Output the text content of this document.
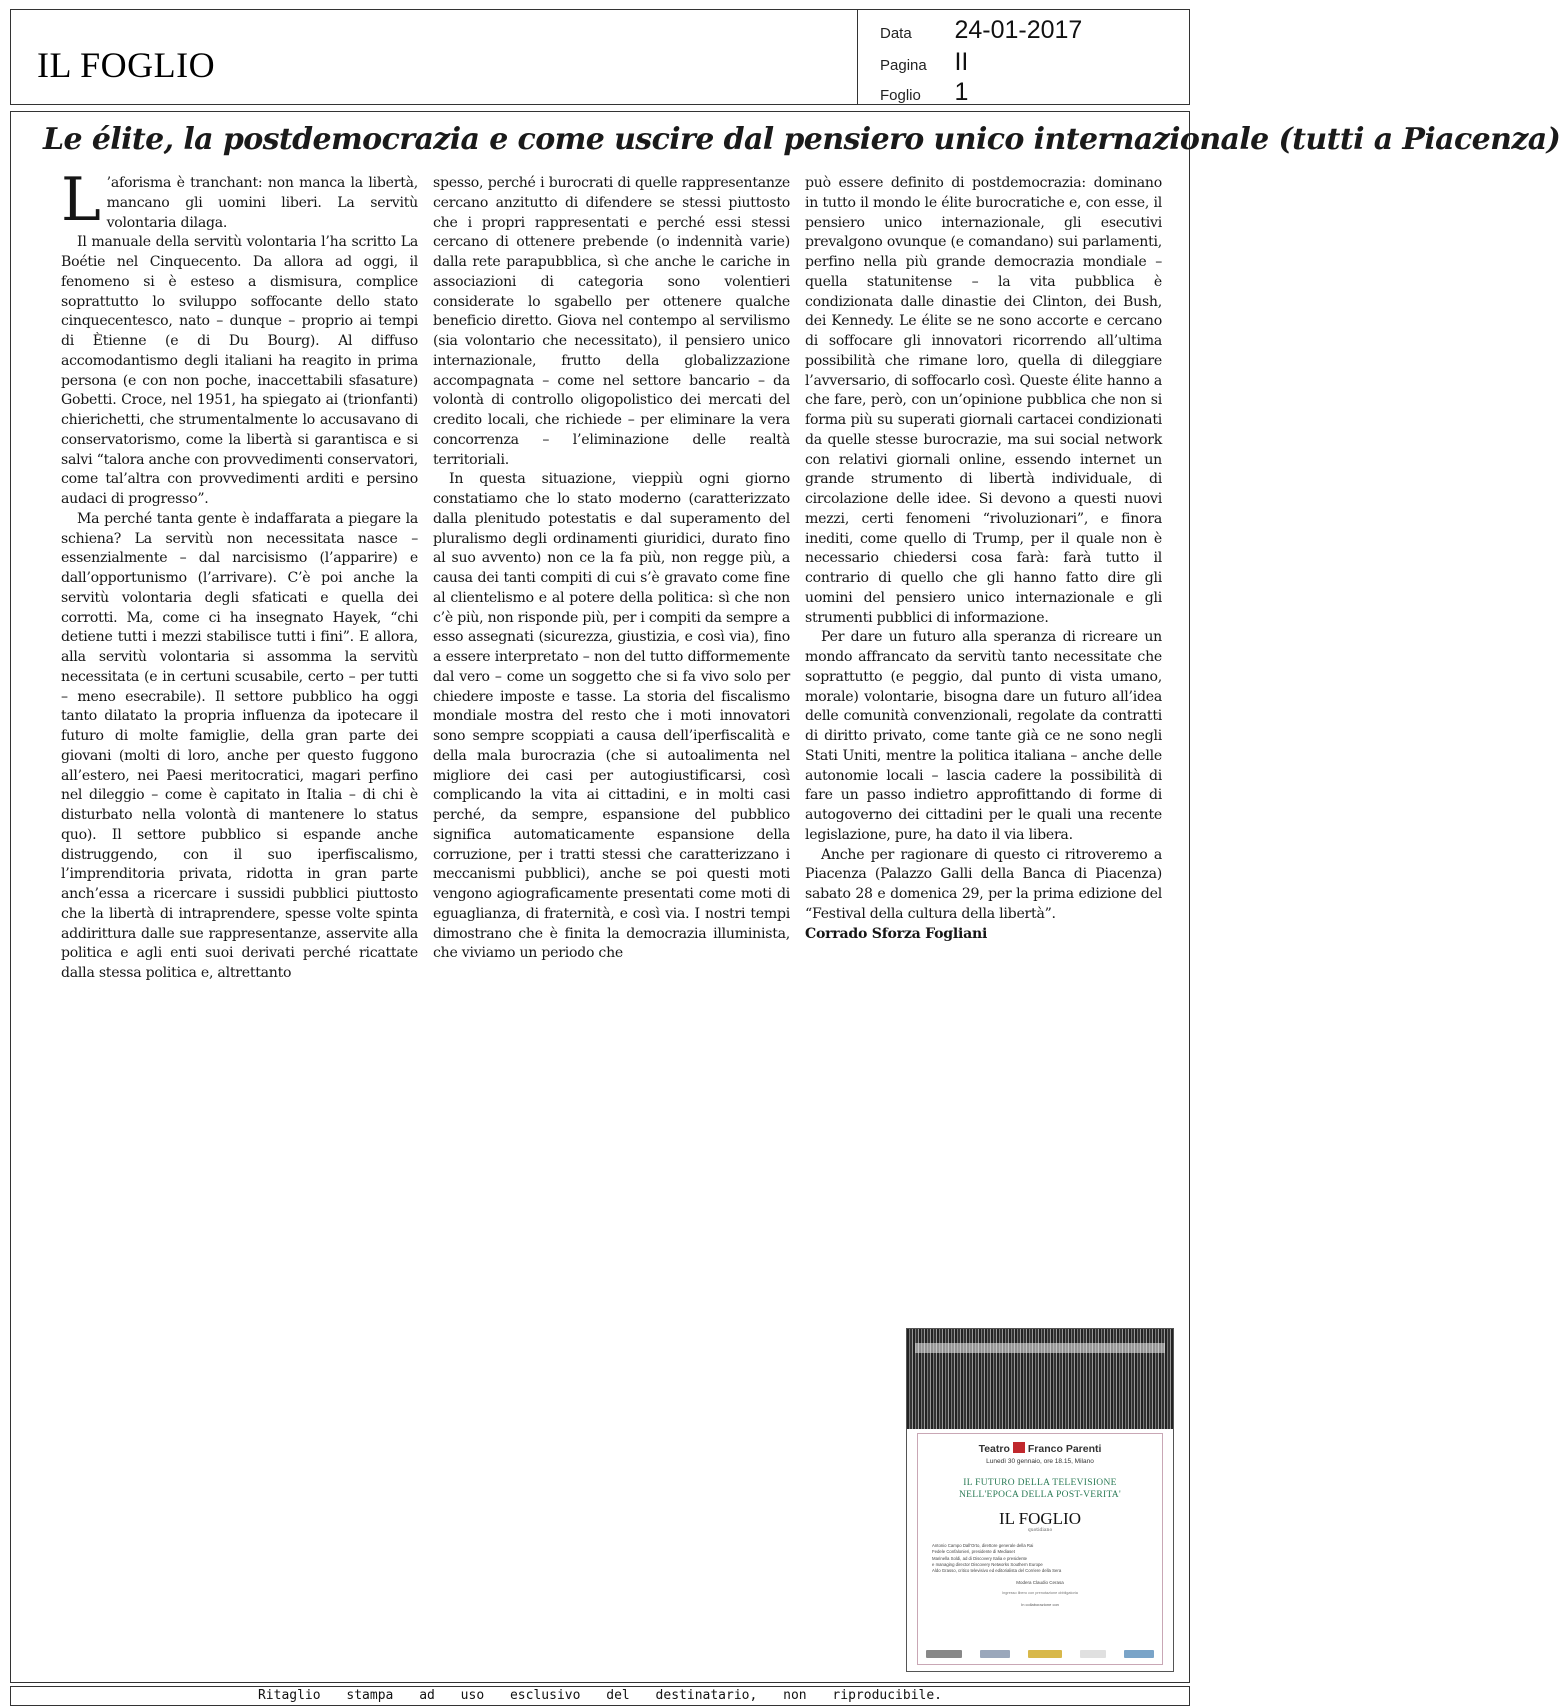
IL FOGLIO
Data 24-01-2017
Pagina II
Foglio 1
Le élite, la postdemocrazia e come uscire dal pensiero unico internazionale (tutti a Piacenza)

L ’aforisma è tranchant: non manca la libertà, mancano gli uomini liberi. La servitù volontaria dilaga.

Il manuale della servitù volontaria l’ha scritto La Boétie nel Cinquecento. Da allora ad oggi, il fenomeno si è esteso a dismisura, complice soprattutto lo sviluppo soffocante dello stato cinquecentesco, nato – dunque – proprio ai tempi di Ètienne (e di Du Bourg). Al diffuso accomodantismo degli italiani ha reagito in prima persona (e con non poche, inaccettabili sfasature) Gobetti. Croce, nel 1951, ha spiegato ai (trionfanti) chierichetti, che strumentalmente lo accusavano di conservatorismo, come la libertà si garantisca e si salvi “talora anche con provvedimenti conservatori, come tal’altra con provvedimenti arditi e persino audaci di progresso”.

Ma perché tanta gente è indaffarata a piegare la schiena? La servitù non necessitata nasce – essenzialmente – dal narcisismo (l’apparire) e dall’opportunismo (l’arrivare). C’è poi anche la servitù volontaria degli sfaticati e quella dei corrotti. Ma, come ci ha insegnato Hayek, “chi detiene tutti i mezzi stabilisce tutti i fini”. E allora, alla servitù volontaria si assomma la servitù necessitata (e in certuni scusabile, certo – per tutti – meno esecrabile). Il settore pubblico ha oggi tanto dilatato la propria influenza da ipotecare il futuro di molte famiglie, della gran parte dei giovani (molti di loro, anche per questo fuggono all’estero, nei Paesi meritocratici, magari perfino nel dileggio – come è capitato in Italia – di chi è disturbato nella volontà di mantenere lo status quo). Il settore pubblico si espande anche distruggendo, con il suo iperfiscalismo, l’imprenditoria privata, ridotta in gran parte anch’essa a ricercare i sussidi pubblici piuttosto che la libertà di intraprendere, spesse volte spinta addirittura dalle sue rappresentanze, asservite alla politica e agli enti suoi derivati perché ricattate dalla stessa politica e, altrettanto

spesso, perché i burocrati di quelle rappresentanze cercano anzitutto di difendere se stessi piuttosto che i propri rappresentati e perché essi stessi cercano di ottenere prebende (o indennità varie) dalla rete parapubblica, sì che anche le cariche in associazioni di categoria sono volentieri considerate lo sgabello per ottenere qualche beneficio diretto. Giova nel contempo al servilismo (sia volontario che necessitato), il pensiero unico internazionale, frutto della globalizzazione accompagnata – come nel settore bancario – da volontà di controllo oligopolistico dei mercati del credito locali, che richiede – per eliminare la vera concorrenza – l’eliminazione delle realtà territoriali.

In questa situazione, vieppiù ogni giorno constatiamo che lo stato moderno (caratterizzato dalla plenitudo potestatis e dal superamento del pluralismo degli ordinamenti giuridici, durato fino al suo avvento) non ce la fa più, non regge più, a causa dei tanti compiti di cui s’è gravato come fine al clientelismo e al potere della politica: sì che non c’è più, non risponde più, per i compiti da sempre a esso assegnati (sicurezza, giustizia, e così via), fino a essere interpretato – non del tutto difformemente dal vero – come un soggetto che si fa vivo solo per chiedere imposte e tasse. La storia del fiscalismo mondiale mostra del resto che i moti innovatori sono sempre scoppiati a causa dell’iperfiscalità e della mala burocrazia (che si autoalimenta nel migliore dei casi per autogiustificarsi, così complicando la vita ai cittadini, e in molti casi perché, da sempre, espansione del pubblico significa automaticamente espansione della corruzione, per i tratti stessi che caratterizzano i meccanismi pubblici), anche se poi questi moti vengono agiograficamente presentati come moti di eguaglianza, di fraternità, e così via. I nostri tempi dimostrano che è finita la democrazia illuminista, che viviamo un periodo che

può essere definito di postdemocrazia: dominano in tutto il mondo le élite burocratiche e, con esse, il pensiero unico internazionale, gli esecutivi prevalgono ovunque (e comandano) sui parlamenti, perfino nella più grande democrazia mondiale – quella statunitense – la vita pubblica è condizionata dalle dinastie dei Clinton, dei Bush, dei Kennedy. Le élite se ne sono accorte e cercano di soffocare gli innovatori ricorrendo all’ultima possibilità che rimane loro, quella di dileggiare l’avversario, di soffocarlo così. Queste élite hanno a che fare, però, con un’opinione pubblica che non si forma più su superati giornali cartacei condizionati da quelle stesse burocrazie, ma sui social network con relativi giornali online, essendo internet un grande strumento di libertà individuale, di circolazione delle idee. Si devono a questi nuovi mezzi, certi fenomeni “rivoluzionari”, e finora inediti, come quello di Trump, per il quale non è necessario chiedersi cosa farà: farà tutto il contrario di quello che gli hanno fatto dire gli uomini del pensiero unico internazionale e gli strumenti pubblici di informazione.

Per dare un futuro alla speranza di ricreare un mondo affrancato da servitù tanto necessitate che soprattutto (e peggio, dal punto di vista umano, morale) volontarie, bisogna dare un futuro all’idea delle comunità convenzionali, regolate da contratti di diritto privato, come tante già ce ne sono negli Stati Uniti, mentre la politica italiana – anche delle autonomie locali – lascia cadere la possibilità di fare un passo indietro approfittando di forme di autogoverno dei cittadini per le quali una recente legislazione, pure, ha dato il via libera.

Anche per ragionare di questo ci ritroveremo a Piacenza (Palazzo Galli della Banca di Piacenza) sabato 28 e domenica 29, per la prima edizione del “Festival della cultura della libertà”.

Corrado Sforza Fogliani

Teatro Franco Parenti
Lunedì 30 gennaio, ore 18.15, Milano
IL FUTURO DELLA TELEVISIONE
NELL'EPOCA DELLA POST-VERITA'
IL FOGLIO
quotidiano
Antonio Campo Dall'Orto, direttore generale della Rai
Fedele Confalonieri, presidente di Mediaset
Marinella Soldi, ad di Discovery Italia e presidente
e managing director Discovery Networks Southern Europe
Aldo Grasso, critico televisivo ed editorialista del Corriere della Sera
Modera Claudio Cerasa
Ingresso libero con prenotazione obbligatoria
In collaborazione con
Ritaglio stampa ad uso esclusivo del destinatario, non riproducibile.
